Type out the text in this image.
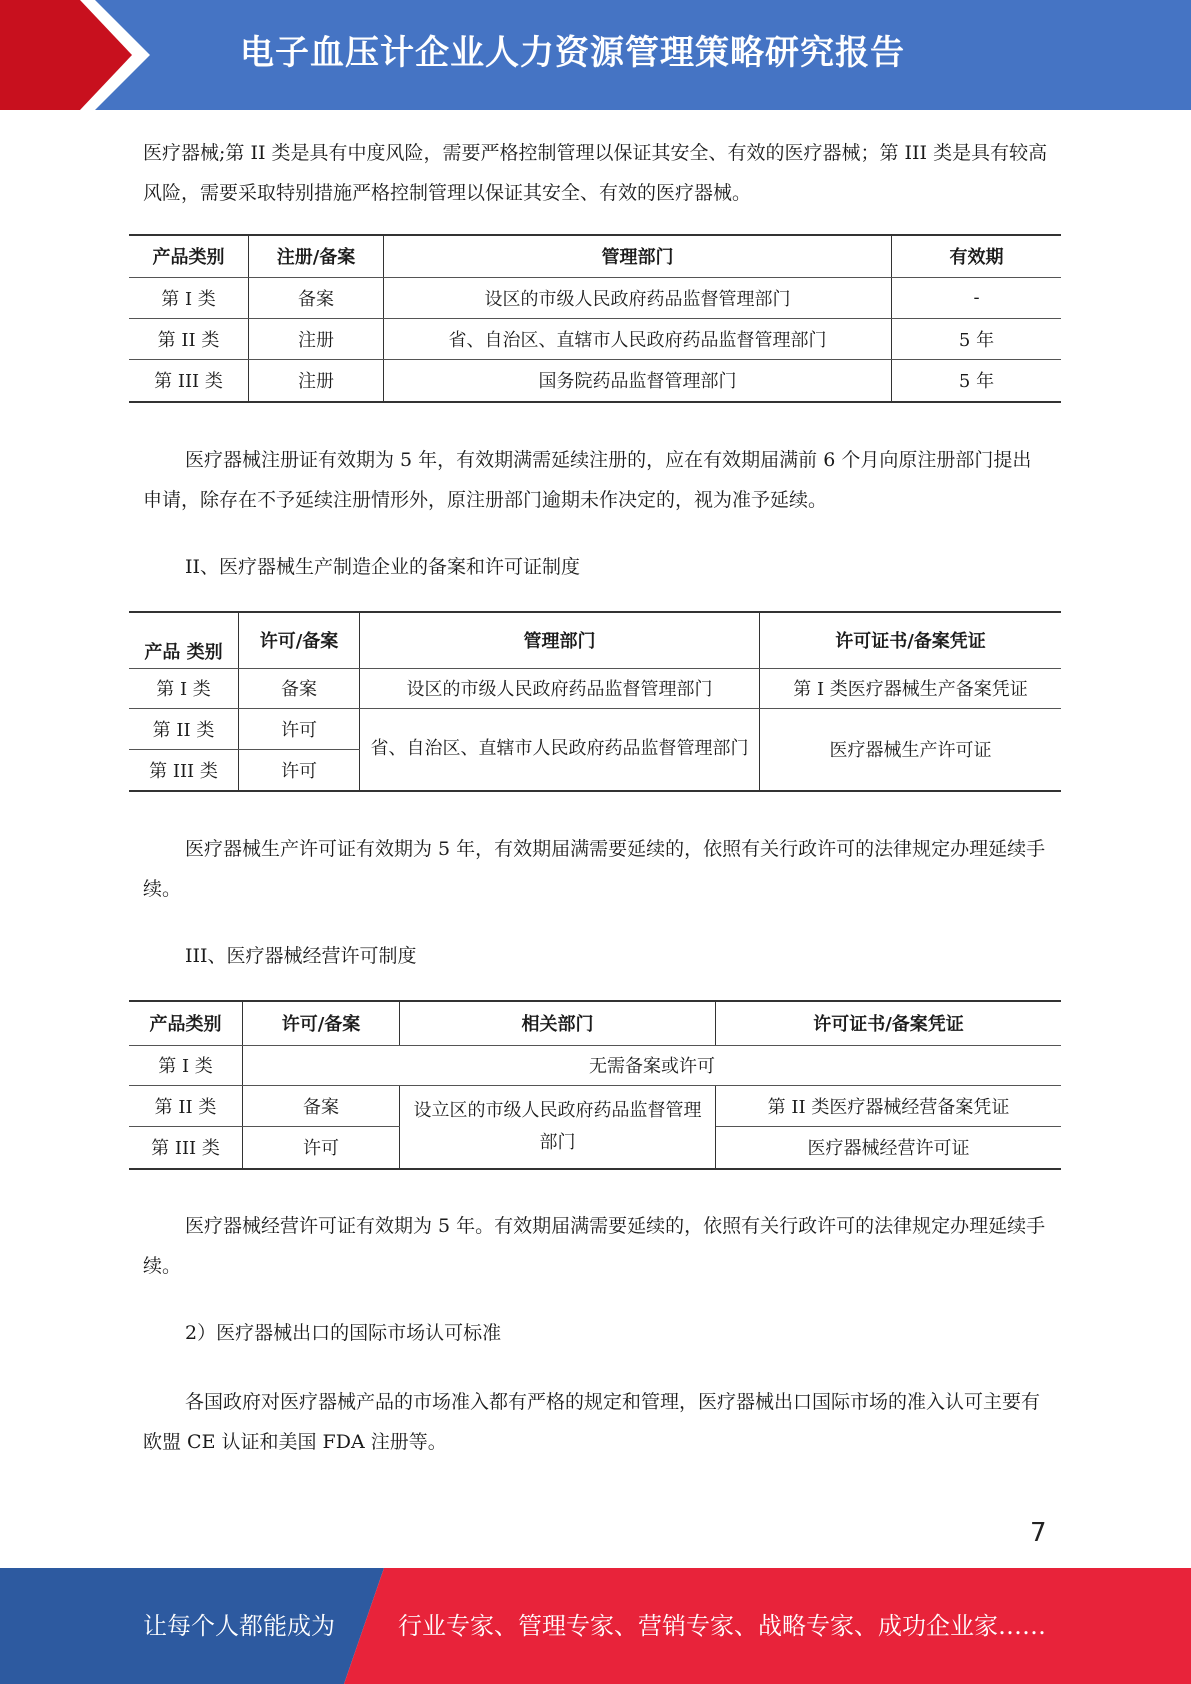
电子血压计企业人力资源管理策略研究报告

医疗器械;第 II 类是具有中度风险，需要严格控制管理以保证其安全、有效的医疗器械；第 III 类是具有较高风险，需要采取特别措施严格控制管理以保证其安全、有效的医疗器械。

产品类别	注册/备案	管理部门	有效期
第 I 类	备案	设区的市级人民政府药品监督管理部门	-
第 II 类	注册	省、自治区、直辖市人民政府药品监督管理部门	5 年
第 III 类	注册	国务院药品监督管理部门	5 年

医疗器械注册证有效期为 5 年，有效期满需延续注册的，应在有效期届满前 6 个月向原注册部门提出申请，除存在不予延续注册情形外，原注册部门逾期未作决定的，视为准予延续。

II、医疗器械生产制造企业的备案和许可证制度

产品 类别	许可/备案	管理部门	许可证书/备案凭证
第 I 类	备案	设区的市级人民政府药品监督管理部门	第 I 类医疗器械生产备案凭证
第 II 类	许可	省、自治区、直辖市人民政府药品监督管理部门	医疗器械生产许可证
第 III 类	许可		

医疗器械生产许可证有效期为 5 年，有效期届满需要延续的，依照有关行政许可的法律规定办理延续手续。

III、医疗器械经营许可制度

产品类别	许可/备案	相关部门	许可证书/备案凭证
第 I 类	无需备案或许可		
第 II 类	备案	设立区的市级人民政府药品监督管理部门	第 II 类医疗器械经营备案凭证
第 III 类	许可		医疗器械经营许可证

医疗器械经营许可证有效期为 5 年。有效期届满需要延续的，依照有关行政许可的法律规定办理延续手续。

2）医疗器械出口的国际市场认可标准

各国政府对医疗器械产品的市场准入都有严格的规定和管理，医疗器械出口国际市场的准入认可主要有欧盟 CE 认证和美国 FDA 注册等。

7
让每个人都能成为	行业专家、管理专家、营销专家、战略专家、成功企业家……
